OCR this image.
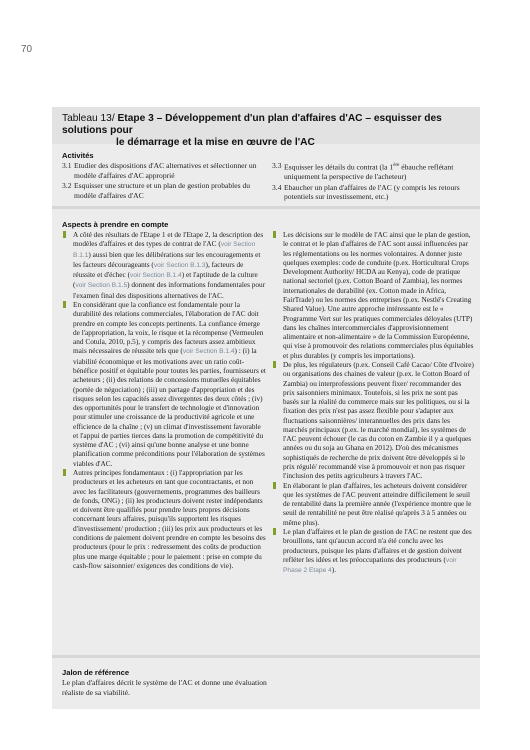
70
Tableau 13/ Etape 3 – Développement d'un plan d'affaires d'AC – esquisser des solutions pour
le démarrage et la mise en œuvre de l'AC
Activités
3.1 Etudier des dispositions d'AC alternatives et sélectionner un modèle d'affaires d'AC approprié
3.2 Esquisser une structure et un plan de gestion probables du modèle d'affaires d'AC
3.3 Esquisser les détails du contrat (la 1ère ébauche reflétant uniquement la perspective de l'acheteur)
3.4 Ebaucher un plan d'affaires de l'AC (y compris les retours potentiels sur investissement, etc.)
Aspects à prendre en compte
A côté des résultats de l'Etape 1 et de l'Etape 2, la description des modèles d'affaires et des types de contrat de l'AC (voir Section B.1.1) aussi bien que les délibérations sur les encouragements et les facteurs décourageants (voir Section B.1.3), facteurs de réussite et d'échec (voir Section B.1.4) et l'aptitude de la culture (voir Section B.1.5) donnent des informations fondamentales pour l'examen final des dispositions alternatives de l'AC.
En considérant que la confiance est fondamentale pour la durabilité des relations commerciales, l'élaboration de l'AC doit prendre en compte les concepts pertinents. La confiance émerge de l'appropriation, la voix, le risque et la récompense (Vermeulen and Cotula, 2010, p.5), y compris des facteurs assez ambitieux mais nécessaires de réussite tels que (voir Section B.1.4) : (i) la viabilité économique et les motivations avec un ratio coût-bénéfice positif et équitable pour toutes les parties, fournisseurs et acheteurs ; (ii) des relations de concessions mutuelles équitables (portée de négociation) ; (iii) un partage d'appropriation et des risques selon les capacités assez divergentes des deux côtés ; (iv) des opportunités pour le transfert de technologie et d'innovation pour stimuler une croissance de la productivité agricole et une efficience de la chaîne ; (v) un climat d'investissement favorable et l'appui de parties tierces dans la promotion de compétitivité du système d'AC ; (vi) ainsi qu'une bonne analyse et une bonne planification comme préconditions pour l'élaboration de systèmes viables d'AC.
Autres principes fondamentaux : (i) l'appropriation par les producteurs et les acheteurs en tant que cocontractants, et non avec les facilitateurs (gouvernements, programmes des bailleurs de fonds, ONG) ; (ii) les producteurs doivent rester indépendants et doivent être qualifiés pour prendre leurs propres décisions concernant leurs affaires, puisqu'ils supportent les risques d'investissement/ production ; (iii) les prix aux producteurs et les conditions de paiement doivent prendre en compte les besoins des producteurs (pour le prix : redressement des coûts de production plus une marge équitable ; pour le paiement : prise en compte du cash-flow saisonnier/ exigences des conditions de vie).
Les décisions sur le modèle de l'AC ainsi que le plan de gestion, le contrat et le plan d'affaires de l'AC sont aussi influencées par les réglementations ou les normes volontaires. A donner juste quelques exemples: code de conduite (p.ex. Horticultural Crops Development Authority/ HCDA au Kenya), code de pratique national sectoriel (p.ex. Cotton Board of Zambia), les normes internationales de durabilité (ex. Cotton made in Africa, FairTrade) ou les normes des entreprises (p.ex. Nestlé's Creating Shared Value). Une autre approche intéressante est le « Programme Vert sur les pratiques commerciales déloyales (UTP) dans les chaînes intercommerciales d'approvisionnement alimentaire et non-alimentaire » de la Commission Européenne, qui vise à promouvoir des relations commerciales plus équitables et plus durables (y compris les importations).
De plus, les régulateurs (p.ex. Conseil Café Cacao/ Côte d'Ivoire) ou organisations des chaines de valeur (p.ex. le Cotton Board of Zambia) ou interprofessions peuvent fixer/ recommander des prix saisonniers minimaux. Toutefois, si les prix ne sont pas basés sur la réalité du commerce mais sur les politiques, ou si la fixation des prix n'est pas assez flexible pour s'adapter aux fluctuations saisonnières/ interannuelles des prix dans les marchés principaux (p.ex. le marché mondial), les systèmes de l'AC peuvent échouer (le cas du coton en Zambie il y a quelques années ou du soja au Ghana en 2012). D'où des mécanismes sophistiqués de recherche de prix doivent être développés si le prix régulé/ recommandé vise à promouvoir et non pas risquer l'inclusion des petits agriculteurs à travers l'AC.
En élaborant le plan d'affaires, les acheteurs doivent considérer que les systèmes de l'AC peuvent atteindre difficilement le seuil de rentabilité dans la première année (l'expérience montre que le seuil de rentabilité ne peut être réalisé qu'après 3 à 5 années ou même plus).
Le plan d'affaires et le plan de gestion de l'AC ne restent que des brouillons, tant qu'aucun accord n'a été conclu avec les producteurs, puisque les plans d'affaires et de gestion doivent refléter les idées et les préoccupations des producteurs (voir Phase 2 Etape 4).
Jalon de référence
Le plan d'affaires décrit le système de l'AC et donne une évaluation réaliste de sa viabilité.
